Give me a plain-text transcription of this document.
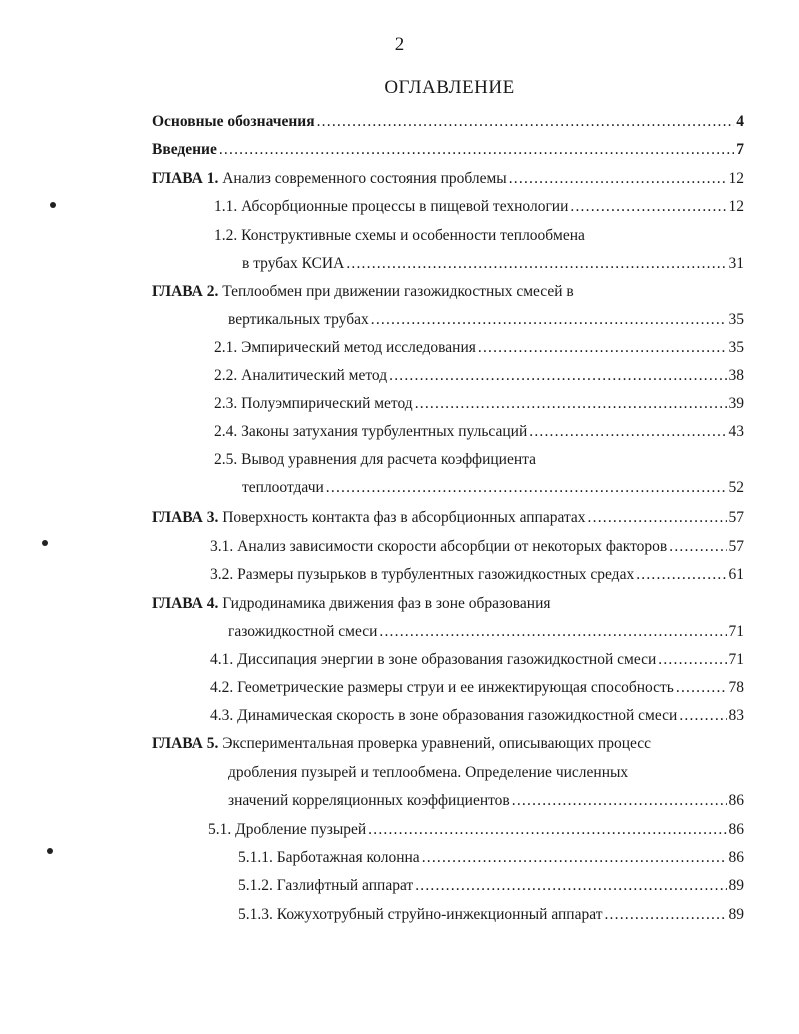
2
ОГЛАВЛЕНИЕ
Основные обозначения .....	4
Введение .....	7
ГЛАВА 1. Анализ современного состояния проблемы .....	12
1.1. Абсорбционные процессы в пищевой технологии .....	12
1.2. Конструктивные схемы и особенности теплообмена
в трубах КСИА .....	31
ГЛАВА 2. Теплообмен при движении газожидкостных смесей в
вертикальных трубах .....	35
2.1. Эмпирический метод исследования .....	35
2.2. Аналитический метод .....	38
2.3. Полуэмпирический метод .....	39
2.4. Законы затухания турбулентных пульсаций .....	43
2.5. Вывод уравнения для расчета коэффициента
теплоотдачи .....	52
ГЛАВА 3. Поверхность контакта фаз в абсорбционных аппаратах .....	57
3.1. Анализ зависимости скорости абсорбции от некоторых факторов .....	57
3.2. Размеры пузырьков в турбулентных газожидкостных средах .....	61
ГЛАВА 4. Гидродинамика движения фаз в зоне образования
газожидкостной смеси .....	71
4.1. Диссипация энергии в зоне образования газожидкостной смеси .....	71
4.2. Геометрические размеры струи и ее инжектирующая способность .....	78
4.3. Динамическая скорость в зоне образования газожидкостной смеси .....	83
ГЛАВА 5. Экспериментальная проверка уравнений, описывающих процесс
дробления пузырей и теплообмена. Определение численных
значений корреляционных коэффициентов .....	86
5.1. Дробление пузырей .....	86
5.1.1. Барботажная колонна .....	86
5.1.2. Газлифтный аппарат .....	89
5.1.3. Кожухотрубный струйно-инжекционный аппарат .....	89
